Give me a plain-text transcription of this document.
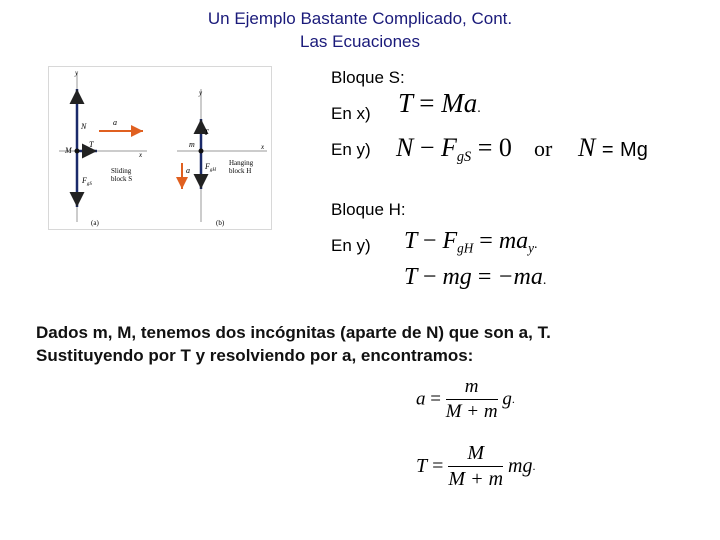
Un Ejemplo Bastante Complicado, Cont.
Las Ecuaciones
y
x
N
T
a
M
$F_{gS}$
Sliding
block S
(a)
y
x
T
m
a $F_{gH}$
Hanging
block H
(b)
Bloque S:
En x) T = Ma.
En y) $N - F_{gS} = 0$ or N = Mg
Bloque H:
En y) $T - F_{gH} = ma_y$.
T − mg = −ma.
Dados m, M, tenemos dos incógnitas (aparte de N) que son a, T.
Sustituyendo por T y resolviendo por a, encontramos:
$a = \frac{m}{M + m} g$.
$T = \frac{M}{M + m}$ mg.
